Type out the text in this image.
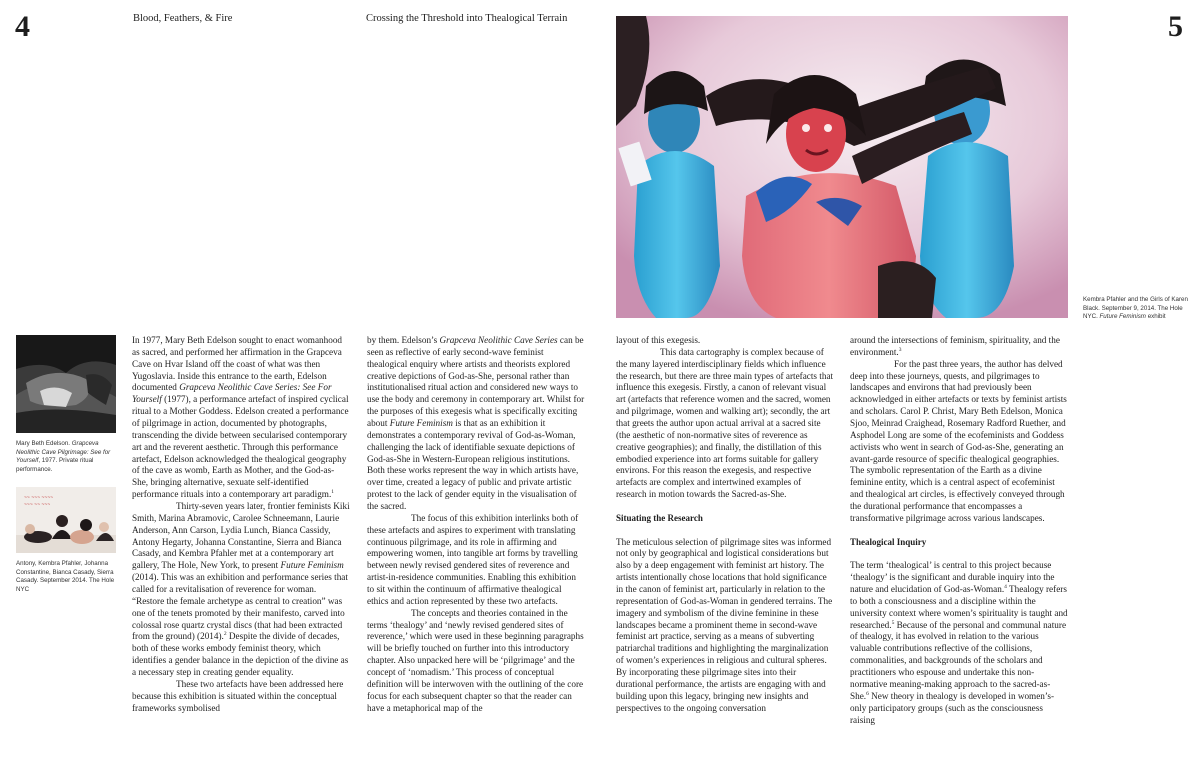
4	5
Blood, Feathers, & Fire	Crossing the Threshold into Thealogical Terrain
Kembra Pfahler and the Girls of Karen Black. September 9, 2014. The Hole NYC. Future Feminism exhibit
Mary Beth Edelson. Grapceva Neolithic Cave Pilgrimage: See for Yourself, 1977. Private ritual performance.
~~ ~~~ ~~~~
~~~ ~~ ~~~
Antony, Kembra Pfahler, Johanna Constantine, Bianca Casady, Sierra Casady. September 2014. The Hole NYC

In 1977, Mary Beth Edelson sought to enact womanhood as sacred, and performed her affirmation in the Grapceva Cave on Hvar Island off the coast of what was then Yugoslavia. Inside this entrance to the earth, Edelson documented Grapceva Neolithic Cave Series: See For Yourself (1977), a performance artefact of inspired cyclical ritual to a Mother Goddess. Edelson created a performance of pilgrimage in action, documented by photographs, transcending the divide between secularised contemporary art and the reverent aesthetic. Through this performance artefact, Edelson acknowledged the thealogical geography of the cave as womb, Earth as Mother, and the God-as-She, bringing alternative, sexuate self-identified performance rituals into a contemporary art paradigm.$^1$

Thirty-seven years later, frontier feminists Kiki Smith, Marina Abramovic, Carolee Schneemann, Laurie Anderson, Ann Carson, Lydia Lunch, Bianca Cassidy, Antony Hegarty, Johanna Constantine, Sierra and Bianca Casady, and Kembra Pfahler met at a contemporary art gallery, The Hole, New York, to present Future Feminism (2014). This was an exhibition and performance series that called for a revitalisation of reverence for woman. “Restore the female archetype as central to creation” was one of the tenets promoted by their manifesto, carved into colossal rose quartz crystal discs (that had been extracted from the ground) (2014).$^2$ Despite the divide of decades, both of these works embody feminist theory, which identifies a gender balance in the depiction of the divine as a necessary step in creating gender equality.

These two artefacts have been addressed here because this exhibition is situated within the conceptual frameworks symbolised

by them. Edelson’s Grapceva Neolithic Cave Series can be seen as reflective of early second-wave feminist thealogical enquiry where artists and theorists explored creative depictions of God-as-She, personal rather than institutionalised ritual action and considered new ways to use the body and ceremony in contemporary art. Whilst for the purposes of this exegesis what is specifically exciting about Future Feminism is that as an exhibition it demonstrates a contemporary revival of God-as-Woman, challenging the lack of identifiable sexuate depictions of God-as-She in Western-European religious institutions. Both these works represent the way in which artists have, over time, created a legacy of public and private artistic protest to the lack of gender equity in the visualisation of the sacred.

The focus of this exhibition interlinks both of these artefacts and aspires to experiment with translating continuous pilgrimage, and its role in affirming and empowering women, into tangible art forms by travelling between newly revised gendered sites of reverence and artist-in-residence communities. Enabling this exhibition to sit within the continuum of affirmative thealogical ethics and action represented by these two artefacts.

The concepts and theories contained in the terms ‘thealogy’ and ‘newly revised gendered sites of reverence,’ which were used in these beginning paragraphs will be briefly touched on further into this introductory chapter. Also unpacked here will be ‘pilgrimage’ and the concept of ‘nomadism.’ This process of conceptual definition will be interwoven with the outlining of the core focus for each subsequent chapter so that the reader can have a metaphorical map of the

layout of this exegesis.

This data cartography is complex because of the many layered interdisciplinary fields which influence the research, but there are three main types of artefacts that influence this exegesis. Firstly, a canon of relevant visual art (artefacts that reference women and the sacred, women and pilgrimage, women and walking art); secondly, the art that greets the author upon actual arrival at a sacred site (the aesthetic of non-normative sites of reverence as creative geographies); and finally, the distillation of this embodied experience into art forms suitable for gallery environs. For this reason the exegesis, and respective artefacts are complex and intertwined examples of research in motion towards the Sacred-as-She.

Situating the Research

The meticulous selection of pilgrimage sites was informed not only by geographical and logistical considerations but also by a deep engagement with feminist art history. The artists intentionally chose locations that hold significance in the canon of feminist art, particularly in relation to the representation of God-as-Woman in gendered terrains. The imagery and symbolism of the divine feminine in these landscapes became a prominent theme in second-wave feminist art practice, serving as a means of subverting patriarchal traditions and highlighting the marginalization of women’s experiences in religious and cultural spheres. By incorporating these pilgrimage sites into their durational performance, the artists are engaging with and building upon this legacy, bringing new insights and perspectives to the ongoing conversation

around the intersections of feminism, spirituality, and the environment.$^3$

For the past three years, the author has delved deep into these journeys, quests, and pilgrimages to landscapes and environs that had previously been acknowledged in either artefacts or texts by feminist artists and scholars. Carol P. Christ, Mary Beth Edelson, Monica Sjoo, Meinrad Craighead, Rosemary Radford Ruether, and Asphodel Long are some of the ecofeminists and Goddess activists who went in search of God-as-She, generating an avant-garde resource of specific thealogical geographies. The symbolic representation of the Earth as a divine feminine entity, which is a central aspect of ecofeminist and thealogical art circles, is effectively conveyed through the durational performance that encompasses a transformative pilgrimage across various landscapes.

Thealogical Inquiry

The term ‘thealogical’ is central to this project because ‘thealogy’ is the significant and durable inquiry into the nature and elucidation of God-as-Woman.$^4$ Thealogy refers to both a consciousness and a discipline within the university context where women’s spirituality is taught and researched.$^5$ Because of the personal and communal nature of thealogy, it has evolved in relation to the various valuable contributions reflective of the collisions, commonalities, and backgrounds of the scholars and practitioners who espouse and undertake this non-normative meaning-making approach to the sacred-as-She.$^6$ New theory in thealogy is developed in women’s-only participatory groups (such as the consciousness raising
